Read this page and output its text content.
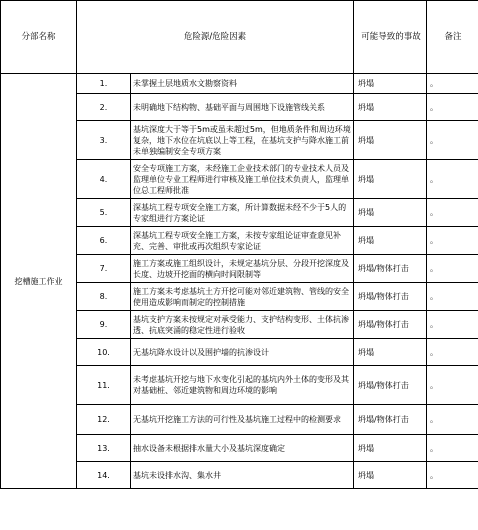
分部名称	危险源/危险因素		可能导致的事故	备注
挖槽施工作业	1.	未掌握土层地质水文勘察资料	坍塌	。
	2.	未明确地下结构物、基础平面与周围地下设施管线关系	坍塌	。
	3.	基坑深度大于等于5m或虽未超过5m，但地质条件和周边环境复杂，地下水位在坑底以上等工程，在基坑支护与降水施工前未单独编制安全专项方案	坍塌	。
	4.	安全专项施工方案，未经施工企业技术部门的专业技术人员及监理单位专业工程师进行审核及施工单位技术负责人，监理单位总工程师批准	坍塌	。
	5.	深基坑工程专项安全施工方案，所计算数据未经不少于5人的专家组进行方案论证	坍塌	。
	6.	深基坑工程专项安全施工方案，未按专家组论证审查意见补充、完善、审批或再次组织专家论证	坍塌	。
	7.	施工方案或施工组织设计，未规定基坑分层、分段开挖深度及长度、边坡开挖面的横向时间限制等	坍塌/物体打击	。
	8.	施工方案未考虑基坑土方开挖可能对邻近建筑物、管线的安全使用造成影响而制定的控制措施	坍塌/物体打击	。
	9.	基坑支护方案未按规定对承受能力、支护结构变形、土体抗渗透、抗底突涌的稳定性进行验收	坍塌/物体打击	。
	10.	无基坑降水设计以及围护墙的抗渗设计	坍塌	。
	11.	未考虑基坑开挖与地下水变化引起的基坑内外土体的变形及其对基础桩、邻近建筑物和周边环境的影响	坍塌/物体打击	。
	12.	无基坑开挖施工方法的可行性及基坑施工过程中的检测要求	坍塌/物体打击	。
	13.	抽水设备未根据排水量大小及基坑深度确定	坍塌	。
	14.	基坑未设排水沟、集水井	坍塌	。
